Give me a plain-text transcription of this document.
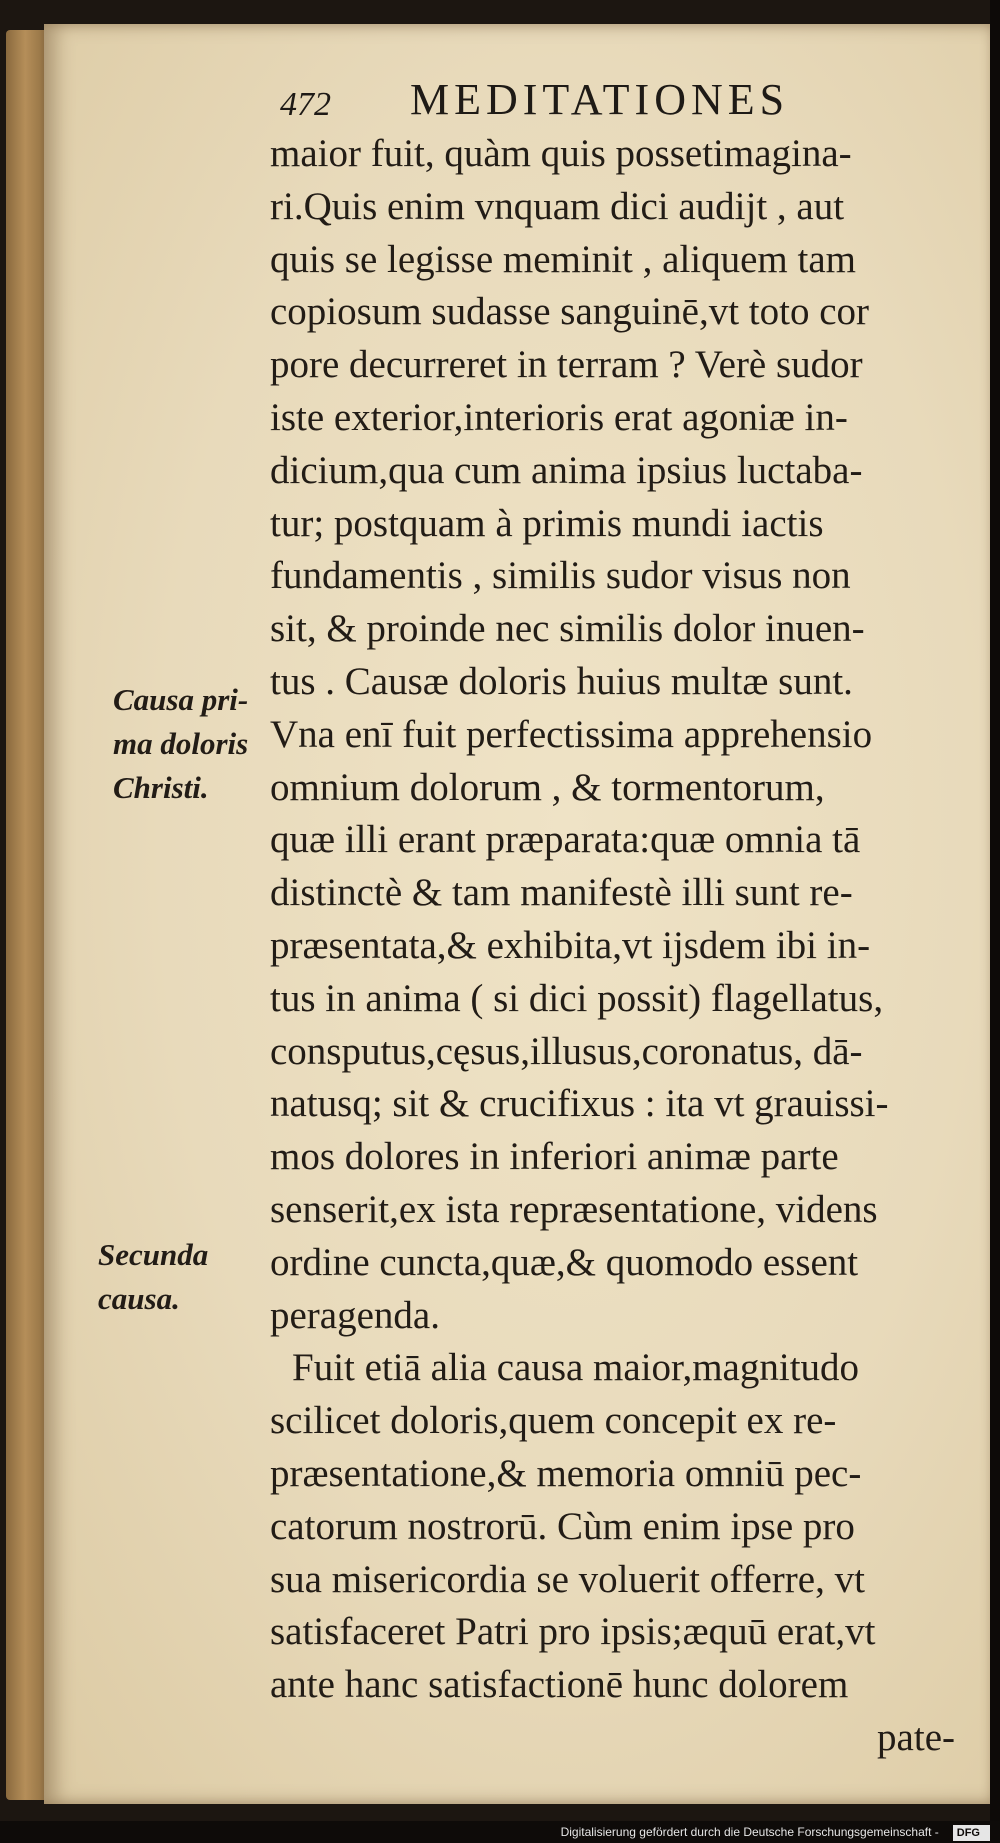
472 MEDITATIONES
maior fuit, quàm quis possetimagina-
ri.Quis enim vnquam dici audijt , aut
quis se legisse meminit , aliquem tam
copiosum sudasse sanguinē,vt toto cor
pore decurreret in terram ? Verè sudor
iste exterior,interioris erat agoniæ in-
dicium,qua cum anima ipsius luctaba-
tur; postquam à primis mundi iactis
fundamentis , similis sudor visus non
sit, & proinde nec similis dolor inuen-
tus . Causæ doloris huius multæ sunt.
Vna enī fuit perfectissima apprehensio
omnium dolorum , & tormentorum,
quæ illi erant præparata:quæ omnia tā
distinctè & tam manifestè illi sunt re-
præsentata,& exhibita,vt ijsdem ibi in-
tus in anima ( si dici possit) flagellatus,
consputus,cęsus,illusus,coronatus, dā-
natusq; sit & crucifixus : ita vt grauissi-
mos dolores in inferiori animæ parte
senserit,ex ista repræsentatione, videns
ordine cuncta,quæ,& quomodo essent
peragenda.
Fuit etiā alia causa maior,magnitudo
scilicet doloris,quem concepit ex re-
præsentatione,& memoria omniū pec-
catorum nostrorū. Cùm enim ipse pro
sua misericordia se voluerit offerre, vt
satisfaceret Patri pro ipsis;æquū erat,vt
ante hanc satisfactionē hunc dolorem
pate-
Causa pri-
ma doloris
Christi.
Secunda
causa.
Digitalisierung gefördert durch die Deutsche Forschungsgemeinschaft - DFG
